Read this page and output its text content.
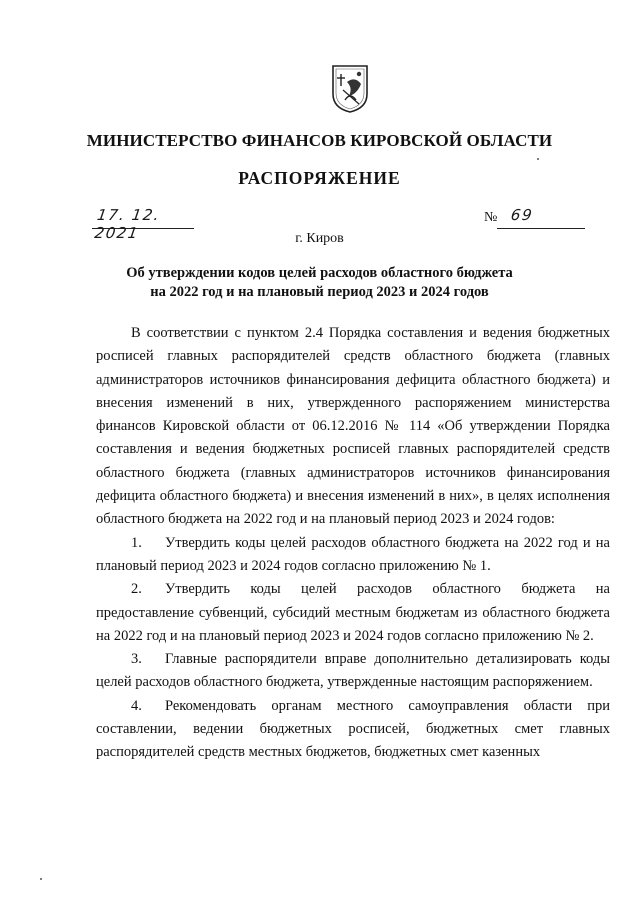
МИНИСТЕРСТВО ФИНАНСОВ КИРОВСКОЙ ОБЛАСТИ
РАСПОРЯЖЕНИЕ
17. 12. 2021
№ 69
г. Киров
Об утверждении кодов целей расходов областного бюджета
на 2022 год и на плановый период 2023 и 2024 годов

В соответствии с пунктом 2.4 Порядка составления и ведения бюджетных росписей главных распорядителей средств областного бюджета (главных администраторов источников финансирования дефицита областного бюджета) и внесения изменений в них, утвержденного распоряжением министерства финансов Кировской области от 06.12.2016 № 114 «Об утверждении Порядка составления и ведения бюджетных росписей главных распорядителей средств областного бюджета (главных администраторов источников финансирования дефицита областного бюджета) и внесения изменений в них», в целях исполнения областного бюджета на 2022 год и на плановый период 2023 и 2024 годов:

1. Утвердить коды целей расходов областного бюджета на 2022 год и на плановый период 2023 и 2024 годов согласно приложению № 1.

2. Утвердить коды целей расходов областного бюджета на предоставление субвенций, субсидий местным бюджетам из областного бюджета на 2022 год и на плановый период 2023 и 2024 годов согласно приложению № 2.

3. Главные распорядители вправе дополнительно детализировать коды целей расходов областного бюджета, утвержденные настоящим распоряжением.

4. Рекомендовать органам местного самоуправления области при составлении, ведении бюджетных росписей, бюджетных смет главных распорядителей средств местных бюджетов, бюджетных смет казенных
